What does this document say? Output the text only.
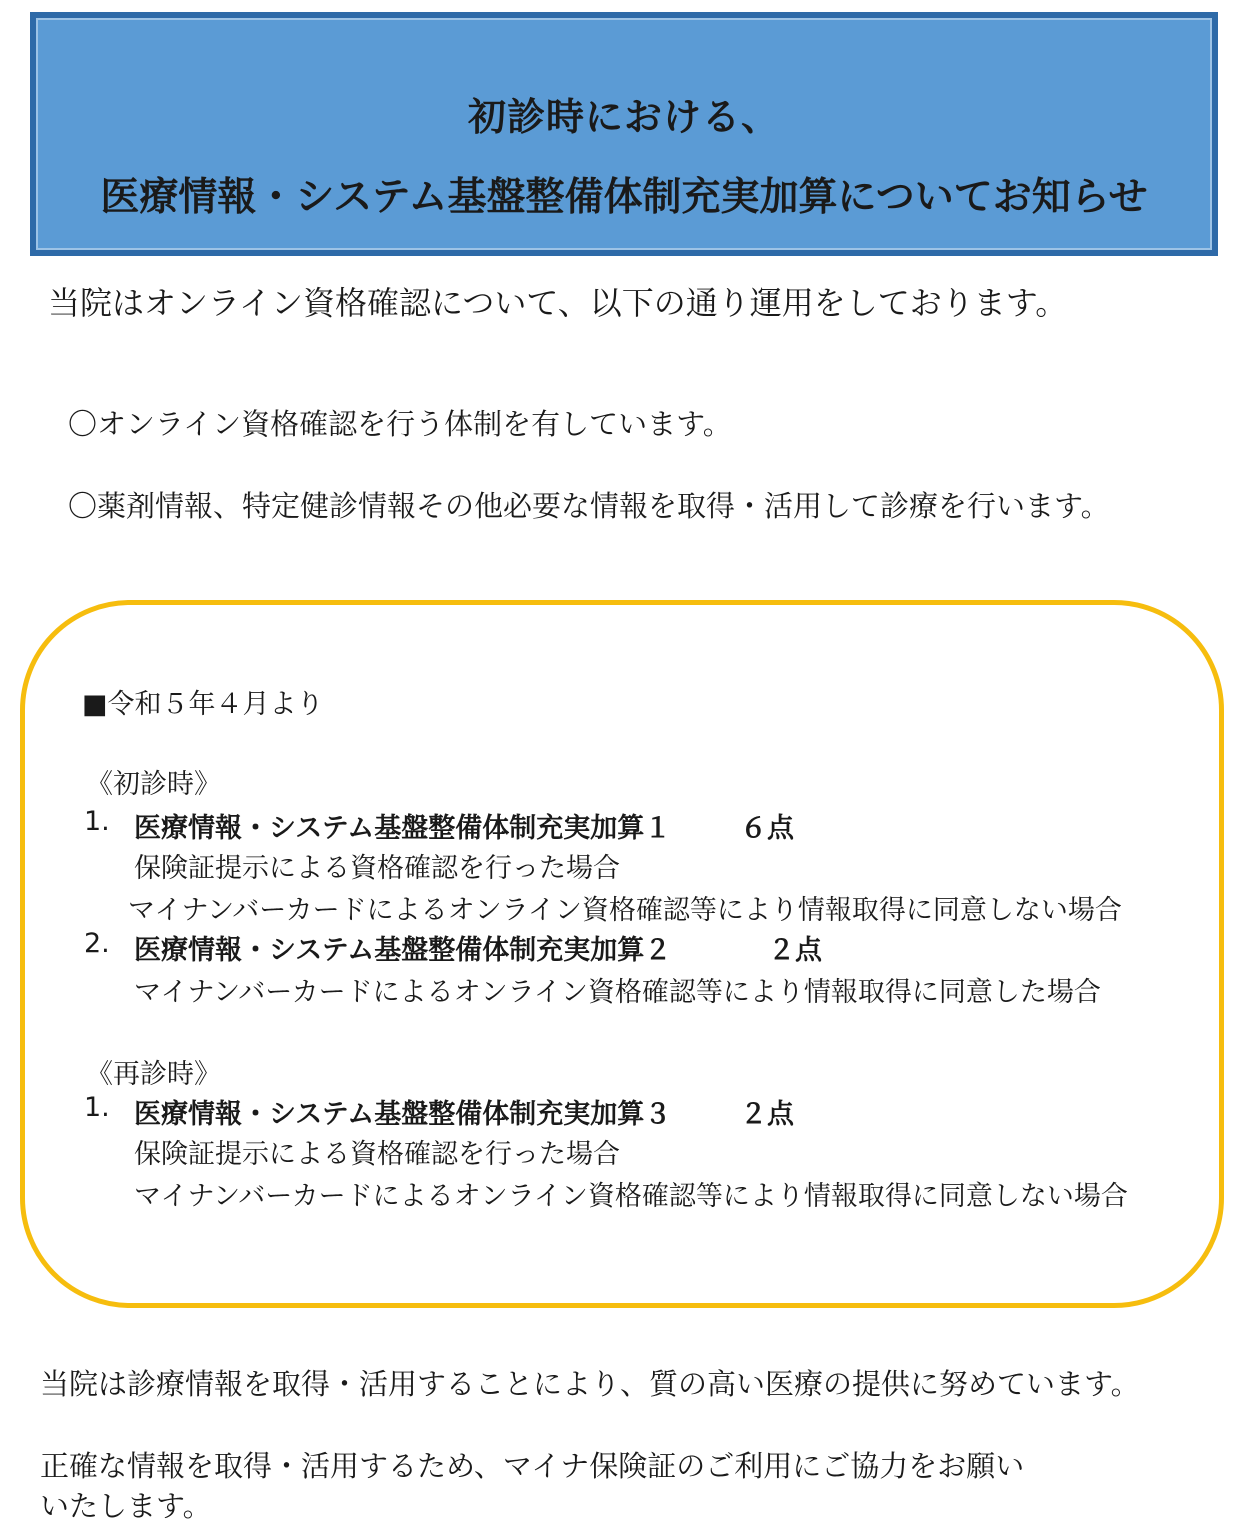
初診時における、
医療情報・システム基盤整備体制充実加算についてお知らせ
当院はオンライン資格確認について、以下の通り運用をしております。
〇オンライン資格確認を行う体制を有しています。
〇薬剤情報、特定健診情報その他必要な情報を取得・活用して診療を行います。
■令和５年４月より
《初診時》
1. 医療情報・システム基盤整備体制充実加算１	６点
保険証提示による資格確認を行った場合
マイナンバーカードによるオンライン資格確認等により情報取得に同意しない場合
2. 医療情報・システム基盤整備体制充実加算２	２点
マイナンバーカードによるオンライン資格確認等により情報取得に同意した場合
《再診時》
1. 医療情報・システム基盤整備体制充実加算３	２点
保険証提示による資格確認を行った場合
マイナンバーカードによるオンライン資格確認等により情報取得に同意しない場合
当院は診療情報を取得・活用することにより、質の高い医療の提供に努めています。
正確な情報を取得・活用するため、マイナ保険証のご利用にご協力をお願い
いたします。
